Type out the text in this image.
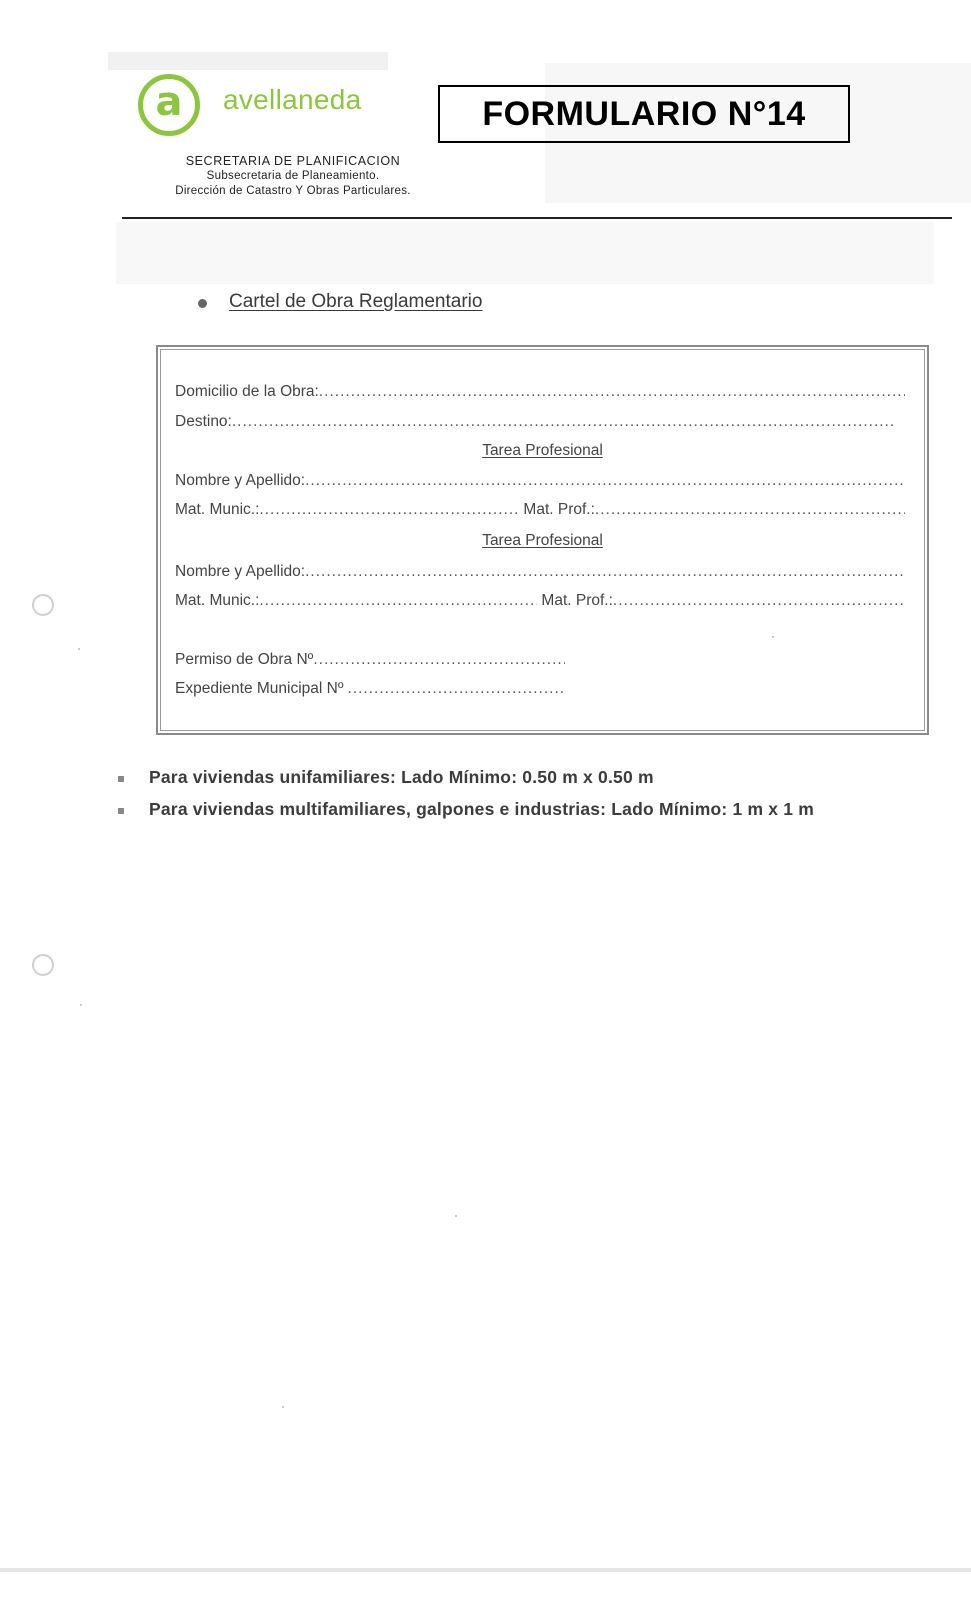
a avellaneda
SECRETARIA DE PLANIFICACION
Subsecretaria de Planeamiento.
Dirección de Catastro Y Obras Particulares.
FORMULARIO N°14
Cartel de Obra Reglamentario
Domicilio de la Obra:
.....
Destino:
.....
Tarea Profesional
Nombre y Apellido:
.....
Mat. Munic.: .....	Mat. Prof.:
.....
Tarea Profesional
Nombre y Apellido:
.....
Mat. Munic.: .....	Mat. Prof.:
.....
Permiso de Obra Nº
.....
Expediente Municipal Nº
.....
Para viviendas unifamiliares: Lado Mínimo: 0.50 m x 0.50 m
Para viviendas multifamiliares, galpones e industrias: Lado Mínimo: 1 m x 1 m
